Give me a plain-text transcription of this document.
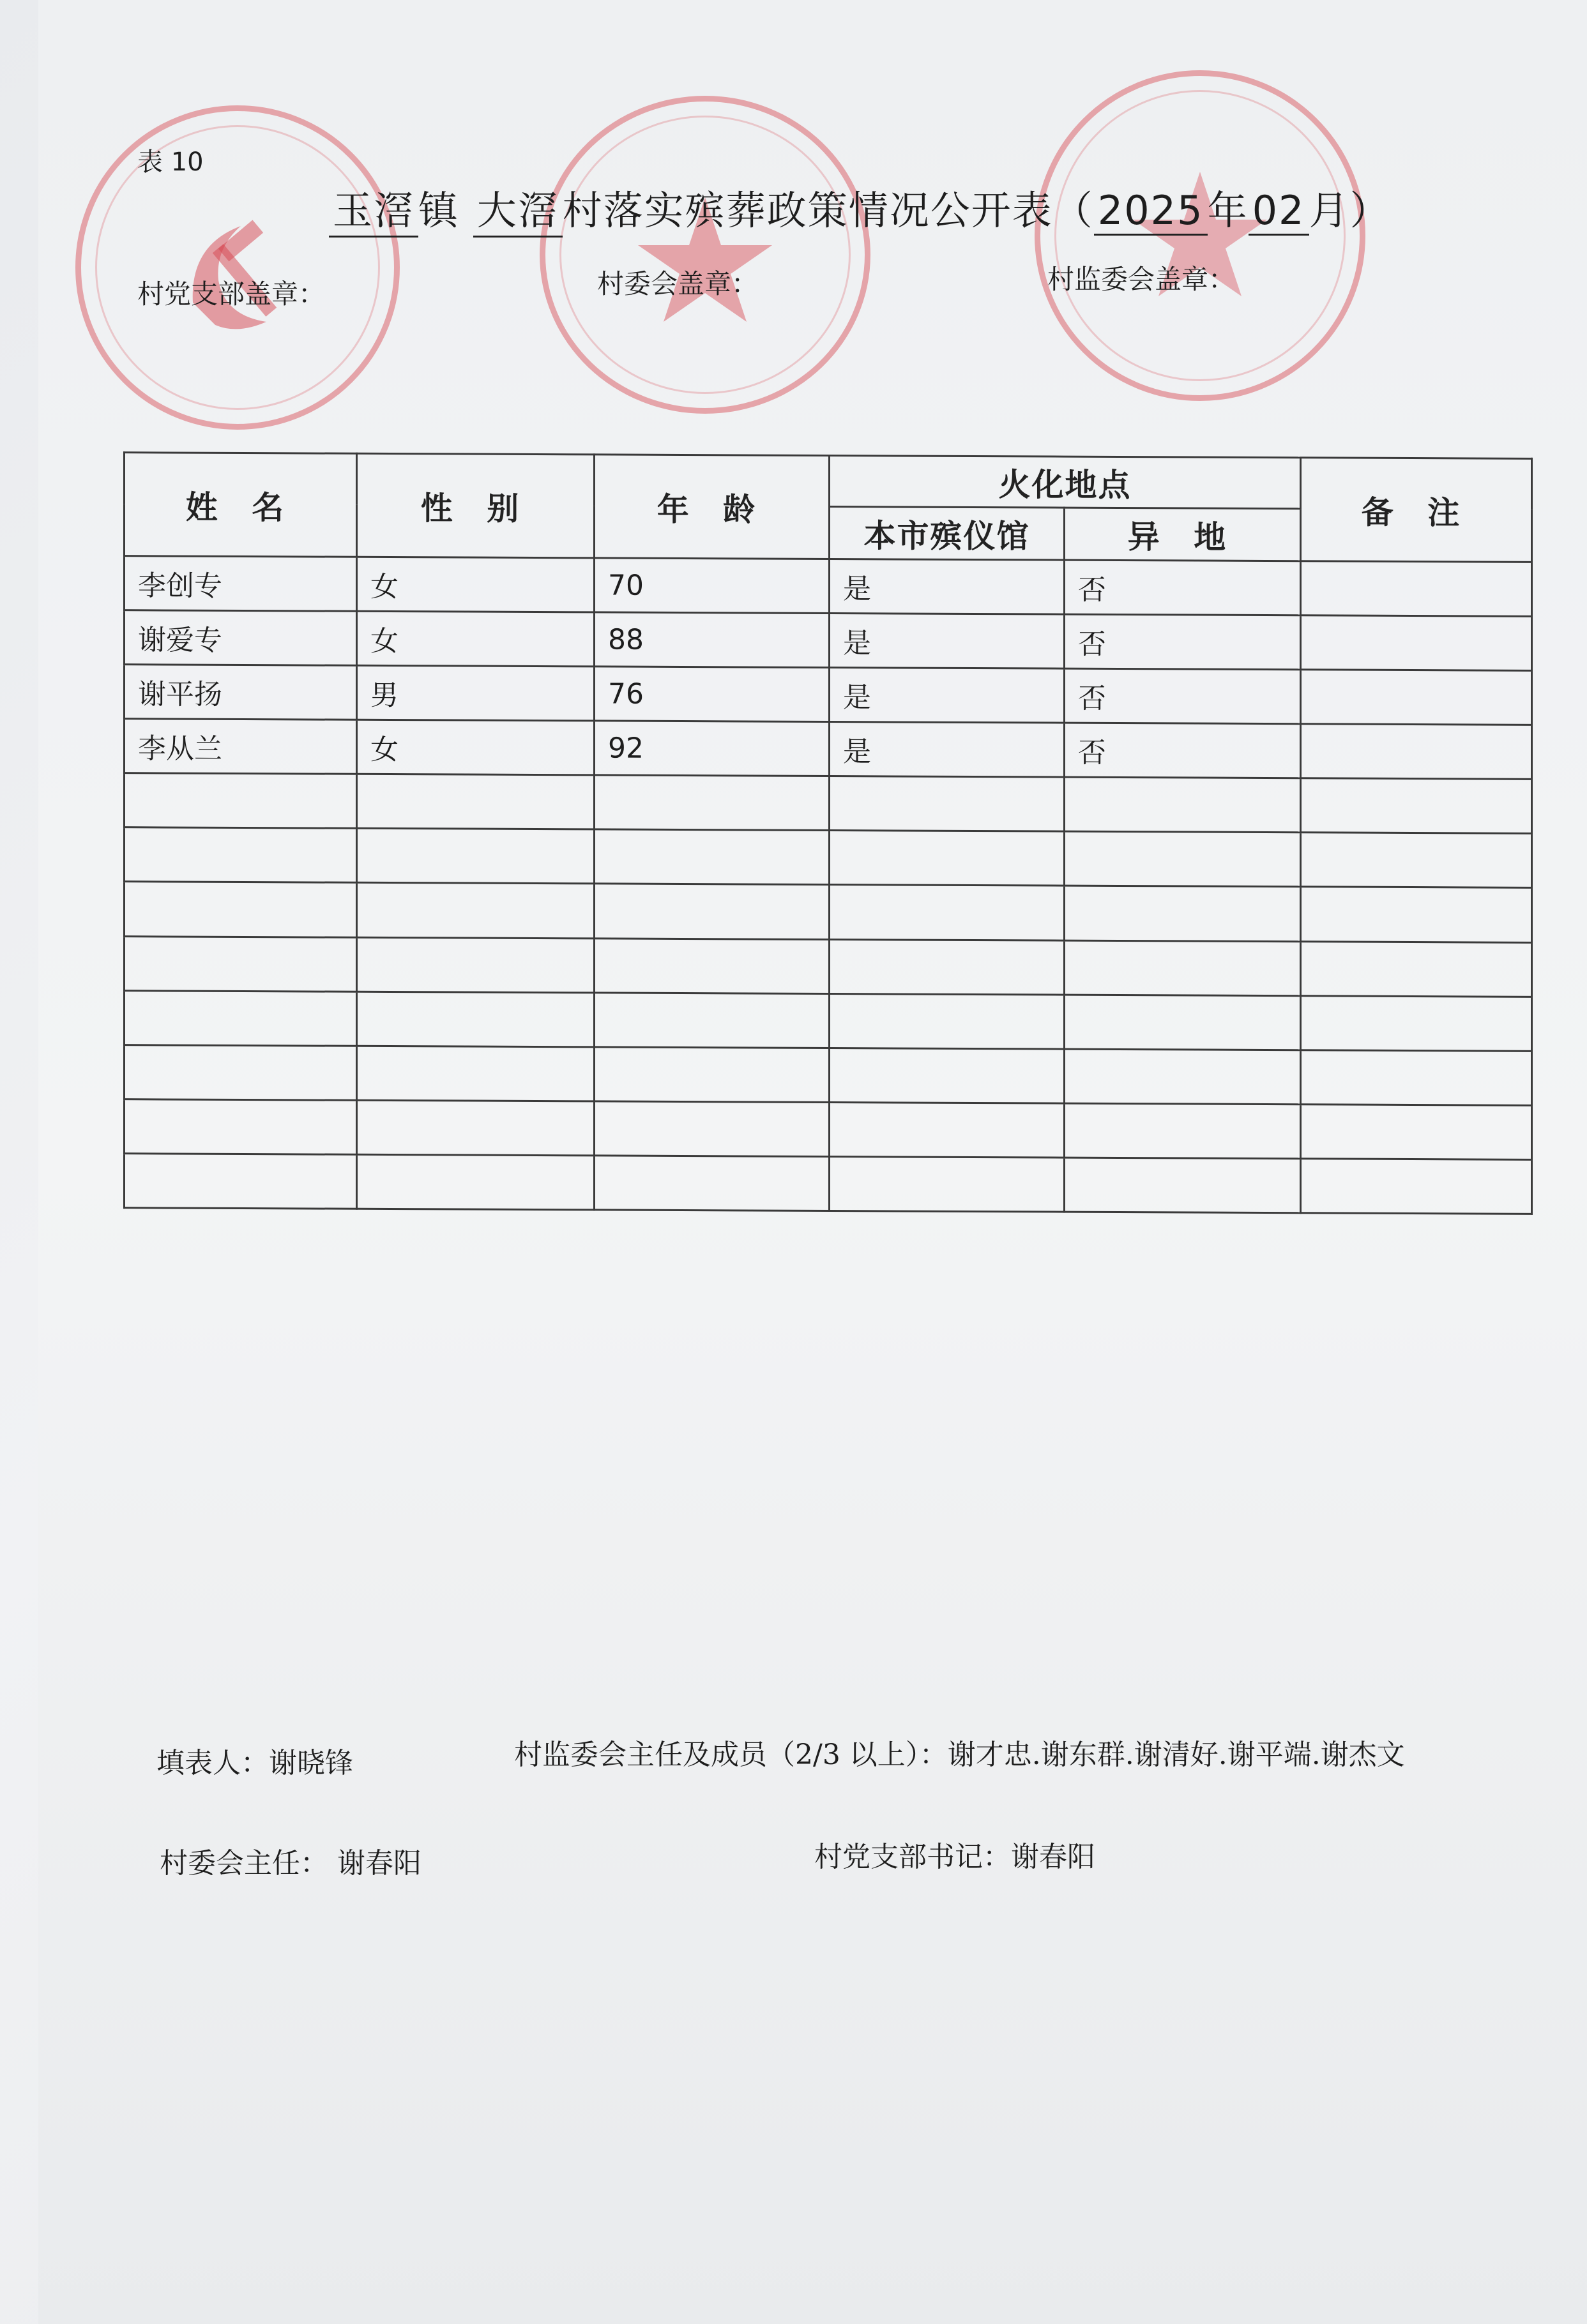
表 10
玉滘镇 大滘村落实殡葬政策情况公开表（2025年02月）
村党支部盖章：	村委会盖章：	村监委会盖章：
姓 名	性 别	年 龄	火化地点		备 注
			本市殡仪馆	异 地	
李创专	女	70	是	否	
谢爱专	女	88	是	否	
谢平扬	男	76	是	否	
李从兰	女	92	是	否	

填表人：谢晓锋	村监委会主任及成员（2/3 以上）：谢才忠.谢东群.谢清好.谢平端.谢杰文
村委会主任： 谢春阳	村党支部书记：谢春阳
